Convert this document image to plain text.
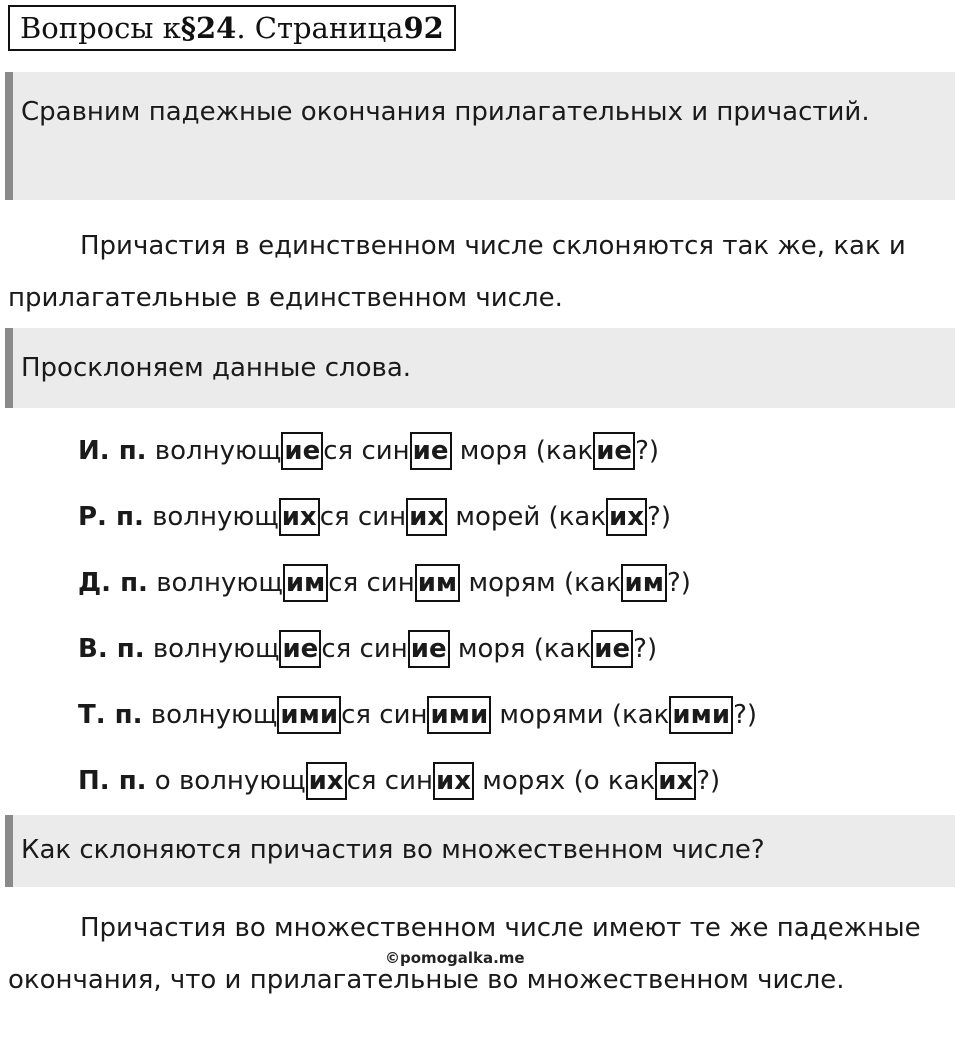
Вопросы к §24 . Страница 92
Сравним падежные окончания прилагательных и причастий.
Причастия в единственном числе склоняются так же, как и прилагательные в единственном числе.
Просклоняем данные слова.
И. п. волнующ ие ся син ие моря (как ие ?)
Р. п. волнующ их ся син их морей (как их ?)
Д. п. волнующ им ся син им морям (как им ?)
В. п. волнующ ие ся син ие моря (как ие ?)
Т. п. волнующ ими ся син ими морями (как ими ?)
П. п. о волнующ их ся син их морях (о как их ?)
Как склоняются причастия во множественном числе?
Причастия во множественном числе имеют те же падежные окончания, что и прилагательные во множественном числе.
©pomogalka.me
